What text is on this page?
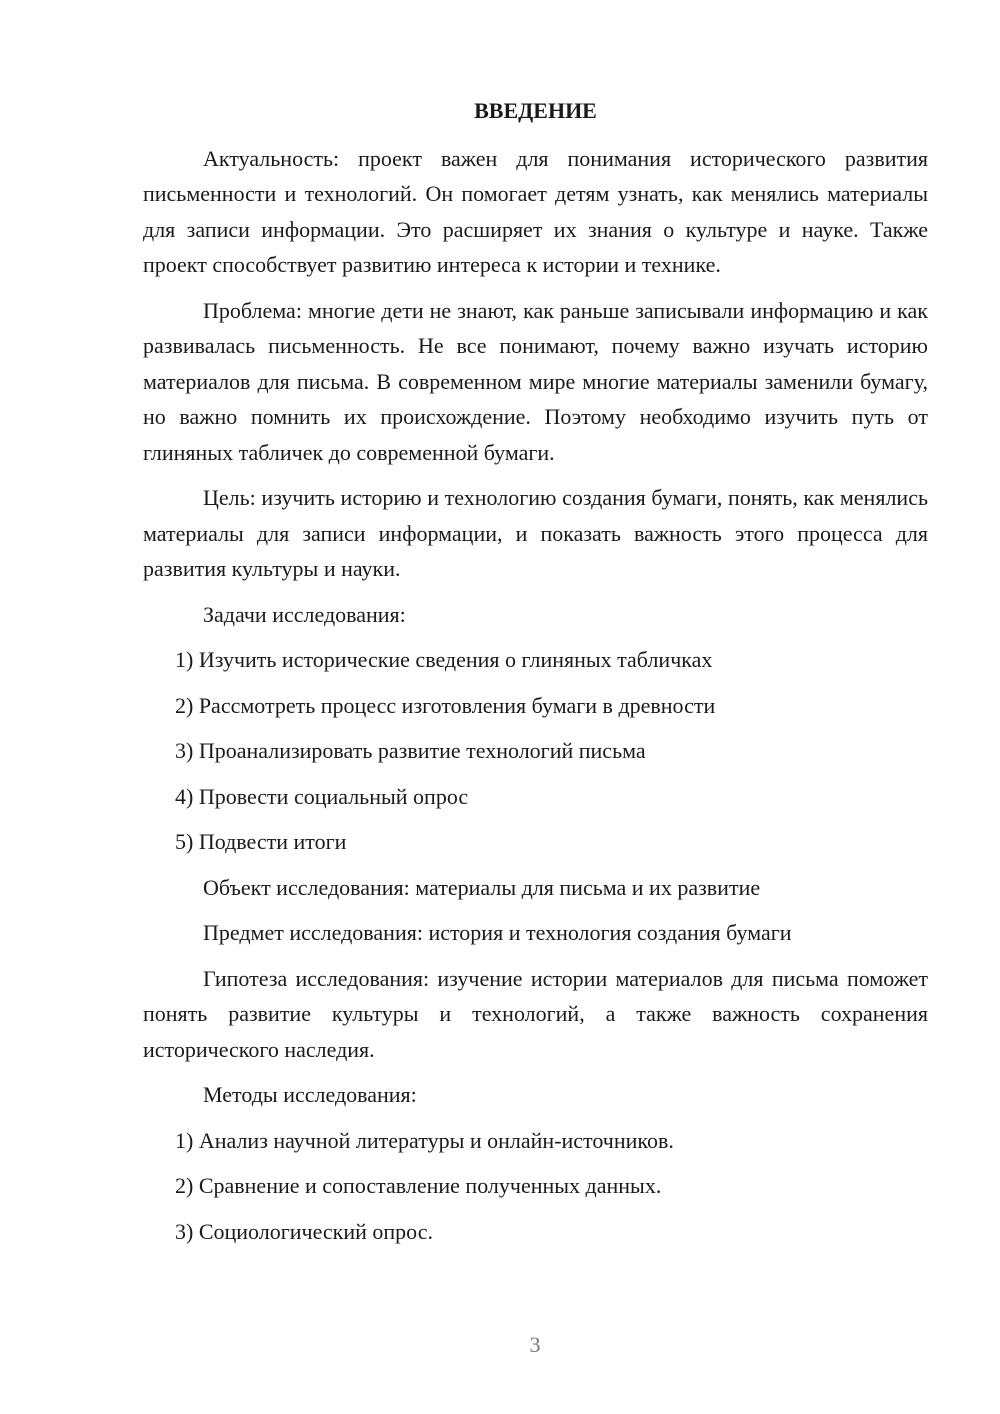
ВВЕДЕНИЕ

Актуальность: проект важен для понимания исторического развития письменности и технологий. Он помогает детям узнать, как менялись материалы для записи информации. Это расширяет их знания о культуре и науке. Также проект способствует развитию интереса к истории и технике.

Проблема: многие дети не знают, как раньше записывали информацию и как развивалась письменность. Не все понимают, почему важно изучать историю материалов для письма. В современном мире многие материалы заменили бумагу, но важно помнить их происхождение. Поэтому необходимо изучить путь от глиняных табличек до современной бумаги.

Цель: изучить историю и технологию создания бумаги, понять, как менялись материалы для записи информации, и показать важность этого процесса для развития культуры и науки.

Задачи исследования:

1) Изучить исторические сведения о глиняных табличках
2) Рассмотреть процесс изготовления бумаги в древности
3) Проанализировать развитие технологий письма
4) Провести социальный опрос
5) Подвести итоги

Объект исследования: материалы для письма и их развитие

Предмет исследования: история и технология создания бумаги

Гипотеза исследования: изучение истории материалов для письма поможет понять развитие культуры и технологий, а также важность сохранения исторического наследия.

Методы исследования:

1) Анализ научной литературы и онлайн-источников.
2) Сравнение и сопоставление полученных данных.
3) Социологический опрос.
3
